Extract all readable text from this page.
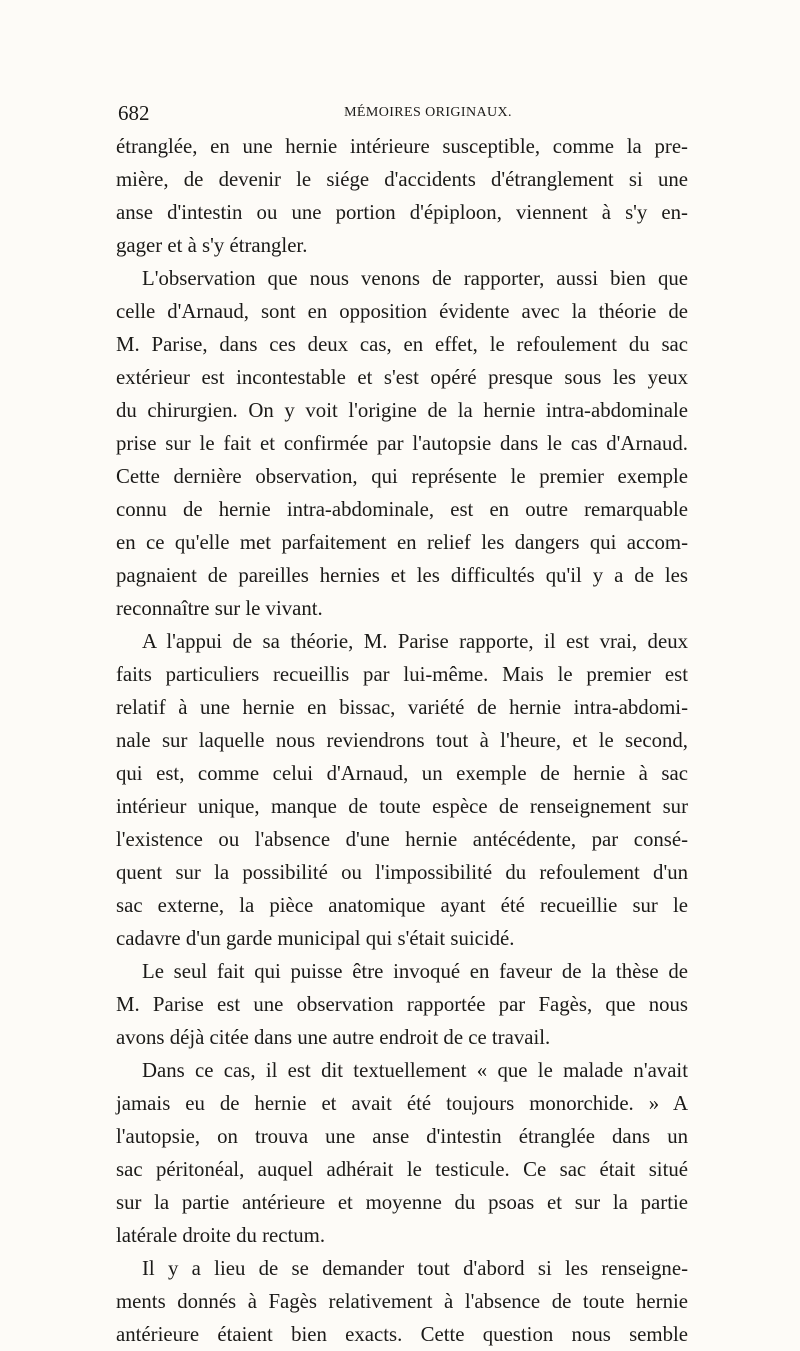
682	MÉMOIRES ORIGINAUX.
étranglée, en une hernie intérieure susceptible, comme la pre-
mière, de devenir le siége d'accidents d'étranglement si une
anse d'intestin ou une portion d'épiploon, viennent à s'y en-
gager et à s'y étrangler.
L'observation que nous venons de rapporter, aussi bien que
celle d'Arnaud, sont en opposition évidente avec la théorie de
M. Parise, dans ces deux cas, en effet, le refoulement du sac
extérieur est incontestable et s'est opéré presque sous les yeux
du chirurgien. On y voit l'origine de la hernie intra-abdominale
prise sur le fait et confirmée par l'autopsie dans le cas d'Arnaud.
Cette dernière observation, qui représente le premier exemple
connu de hernie intra-abdominale, est en outre remarquable
en ce qu'elle met parfaitement en relief les dangers qui accom-
pagnaient de pareilles hernies et les difficultés qu'il y a de les
reconnaître sur le vivant.
A l'appui de sa théorie, M. Parise rapporte, il est vrai, deux
faits particuliers recueillis par lui-même. Mais le premier est
relatif à une hernie en bissac, variété de hernie intra-abdomi-
nale sur laquelle nous reviendrons tout à l'heure, et le second,
qui est, comme celui d'Arnaud, un exemple de hernie à sac
intérieur unique, manque de toute espèce de renseignement sur
l'existence ou l'absence d'une hernie antécédente, par consé-
quent sur la possibilité ou l'impossibilité du refoulement d'un
sac externe, la pièce anatomique ayant été recueillie sur le
cadavre d'un garde municipal qui s'était suicidé.
Le seul fait qui puisse être invoqué en faveur de la thèse de
M. Parise est une observation rapportée par Fagès, que nous
avons déjà citée dans une autre endroit de ce travail.
Dans ce cas, il est dit textuellement « que le malade n'avait
jamais eu de hernie et avait été toujours monorchide. » A
l'autopsie, on trouva une anse d'intestin étranglée dans un
sac péritonéal, auquel adhérait le testicule. Ce sac était situé
sur la partie antérieure et moyenne du psoas et sur la partie
latérale droite du rectum.
Il y a lieu de se demander tout d'abord si les renseigne-
ments donnés à Fagès relativement à l'absence de toute hernie
antérieure étaient bien exacts. Cette question nous semble
